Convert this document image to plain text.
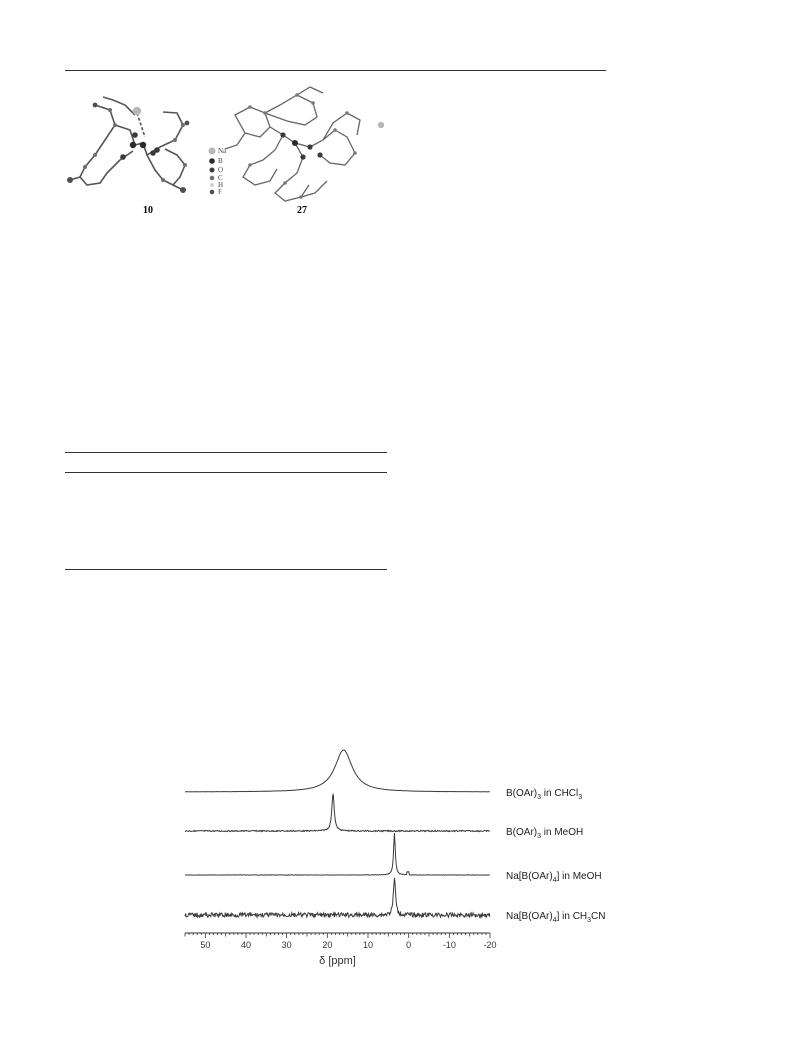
10
Na
B
O
C
H
F
27
$B(OAr)_3$ in CHCl$_3$
$B(OAr)_3$ in MeOH
$Na[B(OAr)_4]$ in MeOH
$Na[B(OAr)_4]$ in $CH_3CN$
50	40	30	20	10	0	-10	-20
δ [ppm]
